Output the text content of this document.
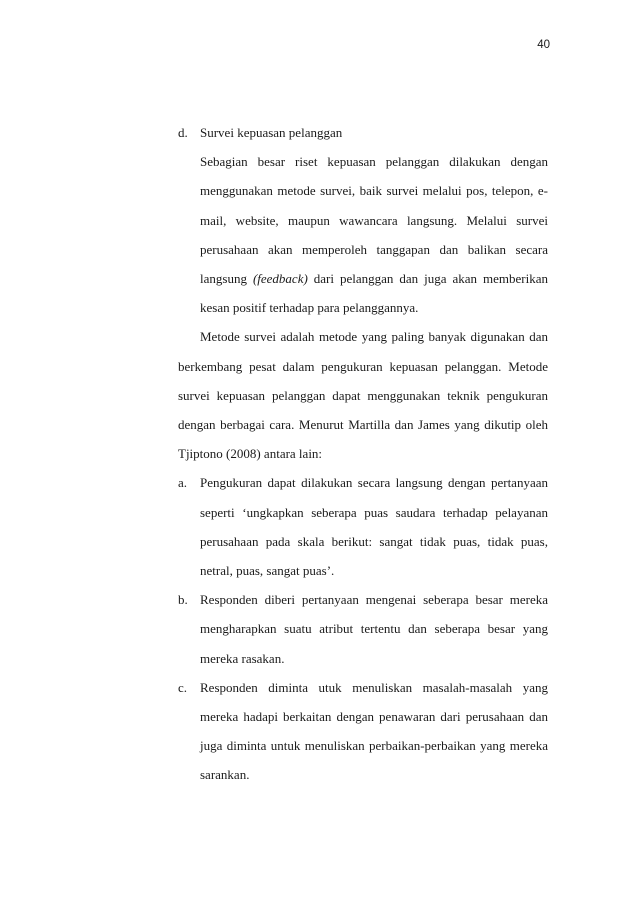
40
d. Survei kepuasan pelanggan
Sebagian besar riset kepuasan pelanggan dilakukan dengan menggunakan metode survei, baik survei melalui pos, telepon, e-mail, website, maupun wawancara langsung. Melalui survei perusahaan akan memperoleh tanggapan dan balikan secara langsung (feedback) dari pelanggan dan juga akan memberikan kesan positif terhadap para pelanggannya.
Metode survei adalah metode yang paling banyak digunakan dan berkembang pesat dalam pengukuran kepuasan pelanggan. Metode survei kepuasan pelanggan dapat menggunakan teknik pengukuran dengan berbagai cara. Menurut Martilla dan James yang dikutip oleh Tjiptono (2008) antara lain:
a. Pengukuran dapat dilakukan secara langsung dengan pertanyaan seperti ‘ungkapkan seberapa puas saudara terhadap pelayanan perusahaan pada skala berikut: sangat tidak puas, tidak puas, netral, puas, sangat puas’.
b. Responden diberi pertanyaan mengenai seberapa besar mereka mengharapkan suatu atribut tertentu dan seberapa besar yang mereka rasakan.
c. Responden diminta utuk menuliskan masalah-masalah yang mereka hadapi berkaitan dengan penawaran dari perusahaan dan juga diminta untuk menuliskan perbaikan-perbaikan yang mereka sarankan.
